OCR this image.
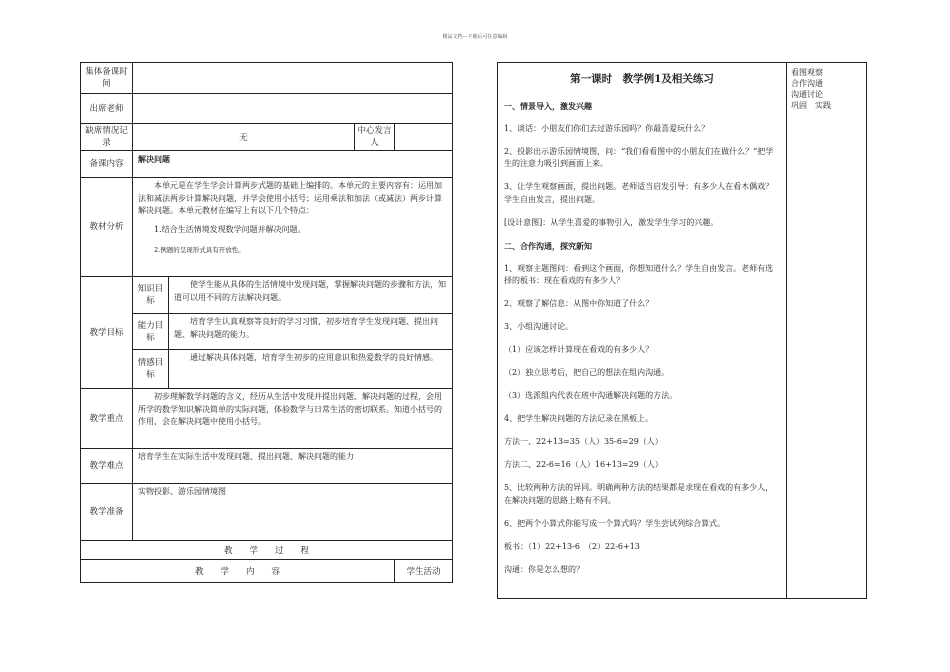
精品文档---下载后可任意编辑
集体备课时间				
出席老师				
缺席情况记录	无		中心发言人	
备课内容	解决问题			
教材分析	本单元是在学生学会计算两步式题的基础上编排的。本单元的主要内容有：运用加法和减法两步计算解决问题，并学会使用小括号；运用乘法和加法（或减法）两步计算解决问题。本单元教材在编写上有以下几个特点：
1.结合生活情境发现数学问题并解决问题。
2.例题的呈现形式具有开放性。			

教学目标	知识目标	使学生能从具体的生活情境中发现问题，掌握解决问题的步骤和方法，知道可以用不同的方法解决问题。		
	能力目标	培育学生认真观察等良好的学习习惯，初步培育学生发现问题、提出问题、解决问题的能力。		
	情感目标	通过解决具体问题，培育学生初步的应用意识和热爱数学的良好情感。		
教学重点	初步理解数学问题的含义，经历从生活中发现并提出问题、解决问题的过程，会用所学的数学知识解决简单的实际问题，体验数学与日常生活的密切联系。知道小括号的作用，会在解决问题中使用小括号。			
教学难点	培育学生在实际生活中发现问题、提出问题、解决问题的能力			
教学准备	实物投影、游乐园情境图			
教　　学　　过　　程				
教　　学　　内　　容				学生活动

第一课时　教学例1及相关练习

一、情景导入，激发兴趣

1、谈话：小朋友们你们去过游乐园吗？你最喜爱玩什么？

2、投影出示游乐园情境图，问：“我们看看图中的小朋友们在做什么？”把学生的注意力吸引到画面上来。

3、让学生观察画面，提出问题。老师适当启发引导：有多少人在看木偶戏？学生自由发言，提出问题。

[设计意图]：从学生喜爱的事物引入，激发学生学习的兴趣。

二、合作沟通，探究新知

1、观察主题图问：看到这个画面，你想知道什么？学生自由发言。老师有选择的板书：现在看戏的有多少人？

2、观察了解信息：从图中你知道了什么？

3、小组沟通讨论。

（1）应该怎样计算现在看戏的有多少人？

（2）独立思考后，把自己的想法在组内沟通。

（3）选派组内代表在班中沟通解决问题的方法。

4、把学生解决问题的方法记录在黑板上。

方法一、22+13=35（人）35-6=29（人）

方法二、22-6=16（人）16+13=29（人）

5、比较两种方法的异同。明确两种方法的结果都是求现在看戏的有多少人，在解决问题的思路上略有不同。

6、把两个小算式你能写成一个算式吗？学生尝试列综合算式。

板书：（1）22+13-6　（2）22-6+13

沟通：你是怎么想的？

看图观察
合作沟通
沟通讨论
巩固　实践
